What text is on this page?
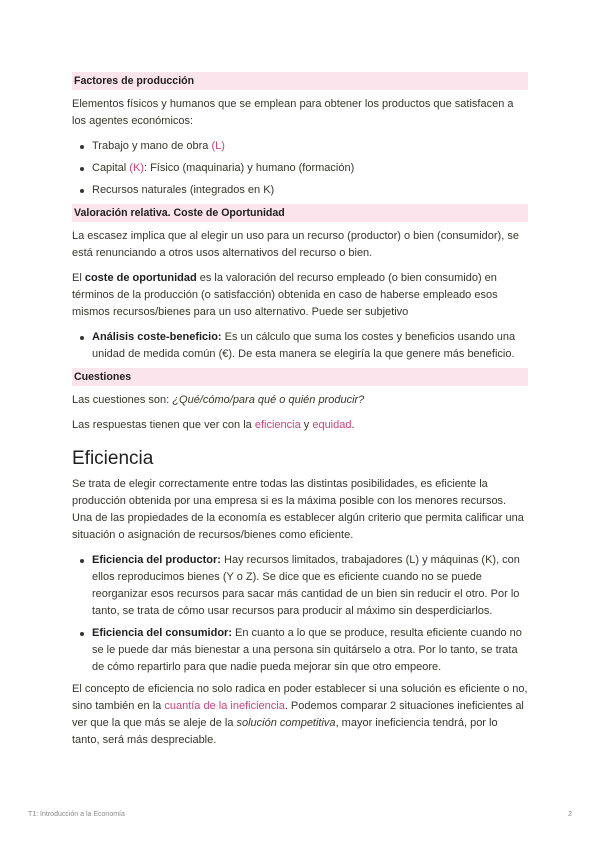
Factores de producción

Elementos físicos y humanos que se emplean para obtener los productos que satisfacen a los agentes económicos:

Trabajo y mano de obra (L)
Capital (K): Físico (maquinaria) y humano (formación)
Recursos naturales (integrados en K)
Valoración relativa. Coste de Oportunidad

La escasez implica que al elegir un uso para un recurso (productor) o bien (consumidor), se está renunciando a otros usos alternativos del recurso o bien.

El coste de oportunidad es la valoración del recurso empleado (o bien consumido) en términos de la producción (o satisfacción) obtenida en caso de haberse empleado esos mismos recursos/bienes para un uso alternativo. Puede ser subjetivo

Análisis coste-beneficio: Es un cálculo que suma los costes y beneficios usando una unidad de medida común (€). De esta manera se elegiría la que genere más beneficio.
Cuestiones

Las cuestiones son: ¿Qué/cómo/para qué o quién producir?

Las respuestas tienen que ver con la eficiencia y equidad.

Eficiencia

Se trata de elegir correctamente entre todas las distintas posibilidades, es eficiente la producción obtenida por una empresa si es la máxima posible con los menores recursos. Una de las propiedades de la economía es establecer algún criterio que permita calificar una situación o asignación de recursos/bienes como eficiente.

Eficiencia del productor: Hay recursos limitados, trabajadores (L) y máquinas (K), con ellos reproducimos bienes (Y o Z). Se dice que es eficiente cuando no se puede reorganizar esos recursos para sacar más cantidad de un bien sin reducir el otro. Por lo tanto, se trata de cómo usar recursos para producir al máximo sin desperdiciarlos.
Eficiencia del consumidor: En cuanto a lo que se produce, resulta eficiente cuando no se le puede dar más bienestar a una persona sin quitárselo a otra. Por lo tanto, se trata de cómo repartirlo para que nadie pueda mejorar sin que otro empeore.

El concepto de eficiencia no solo radica en poder establecer si una solución es eficiente o no, sino también en la cuantía de la ineficiencia. Podemos comparar 2 situaciones ineficientes al ver que la que más se aleje de la solución competitiva, mayor ineficiencia tendrá, por lo tanto, será más despreciable.

T1: Introducción a la Economía	2
